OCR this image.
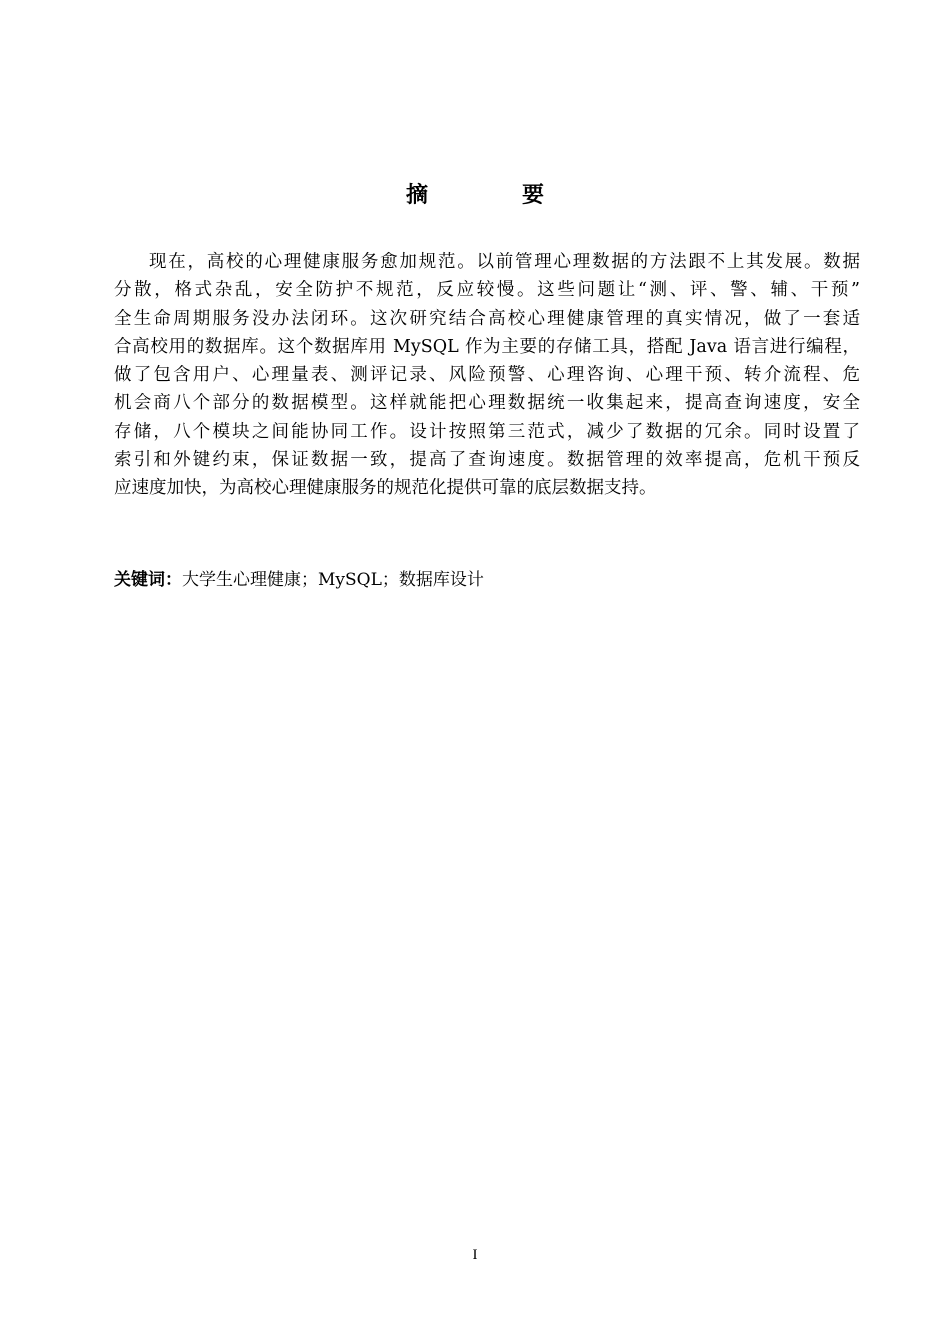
摘　要
现在，高校的心理健康服务愈加规范。以前管理心理数据的方法跟不上其发展。数据
分散，格式杂乱，安全防护不规范，反应较慢。这些问题让“测、评、警、辅、干预”
全生命周期服务没办法闭环。这次研究结合高校心理健康管理的真实情况，做了一套适
合高校用的数据库。这个数据库用 MySQL 作为主要的存储工具，搭配 Java 语言进行编程，
做了包含用户、心理量表、测评记录、风险预警、心理咨询、心理干预、转介流程、危
机会商八个部分的数据模型。这样就能把心理数据统一收集起来，提高查询速度，安全
存储，八个模块之间能协同工作。设计按照第三范式，减少了数据的冗余。同时设置了
索引和外键约束，保证数据一致，提高了查询速度。数据管理的效率提高，危机干预反
应速度加快，为高校心理健康服务的规范化提供可靠的底层数据支持。
关键词：大学生心理健康；MySQL；数据库设计
I
